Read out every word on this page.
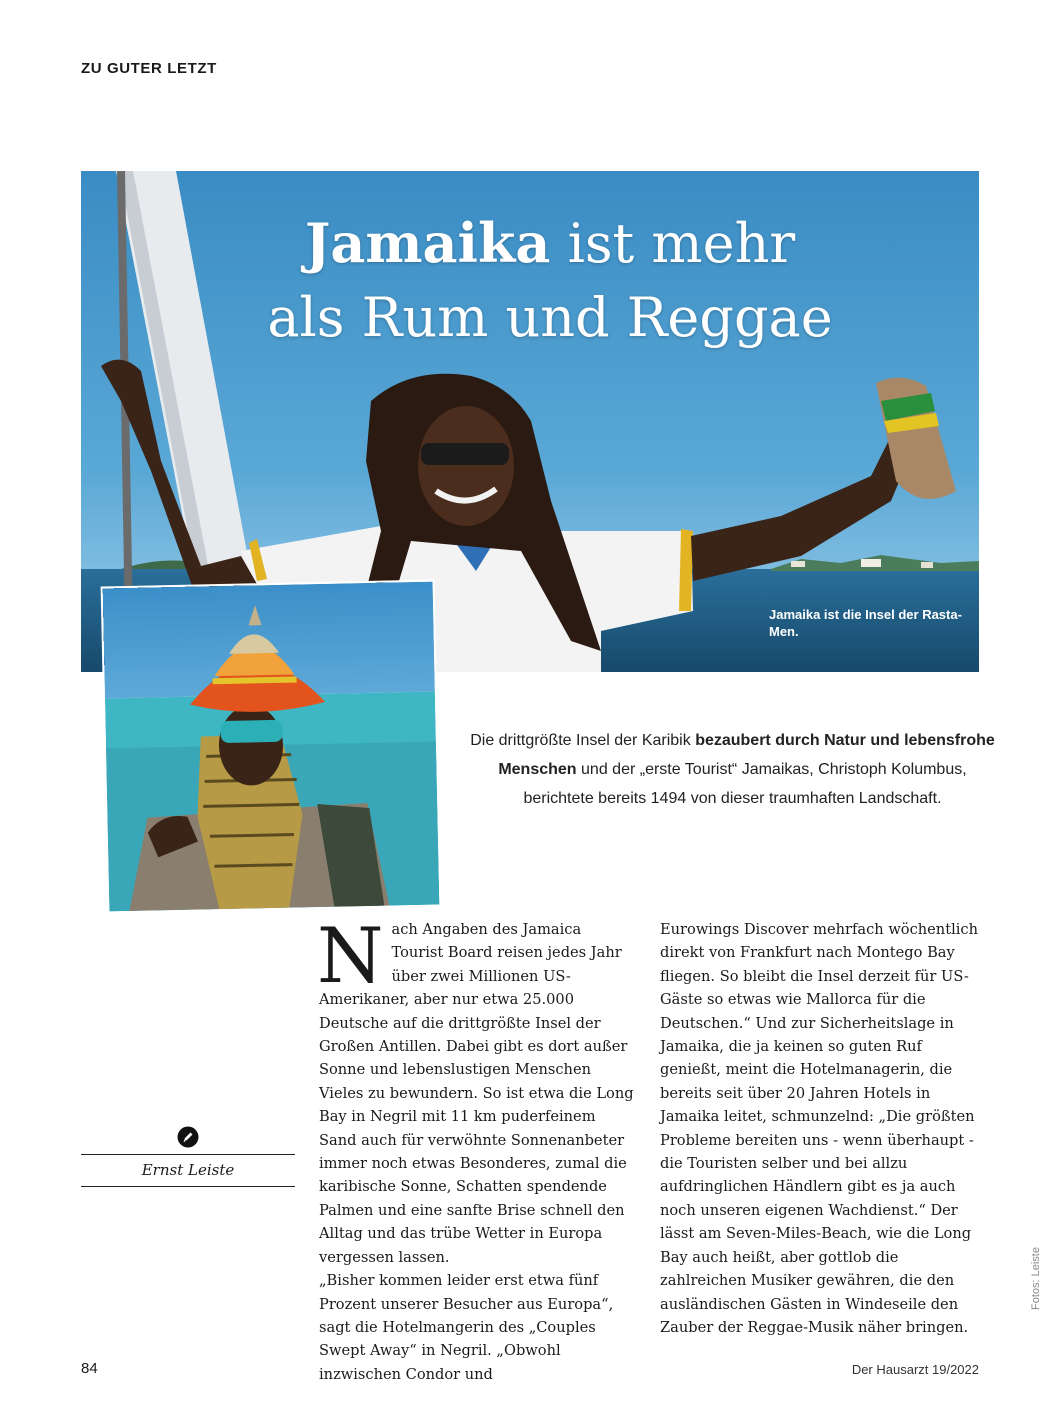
ZU GUTER LETZT
Jamaika ist mehr
als Rum und Reggae
Jamaika ist die Insel der Rasta-Men.
Die drittgrößte Insel der Karibik bezaubert durch Natur und lebensfrohe Menschen und der „erste Tourist“ Jamaikas, Christoph Kolumbus, berichtete bereits 1494 von dieser traumhaften Landschaft.
Ernst Leiste
N ach Angaben des Jamaica Tourist Board reisen jedes Jahr über zwei Millionen US-Amerikaner, aber nur etwa 25.000 Deutsche auf die drittgrößte Insel der Großen Antillen. Dabei gibt es dort außer Sonne und lebenslustigen Menschen Vieles zu bewundern. So ist etwa die Long Bay in Negril mit 11 km puderfeinem Sand auch für verwöhnte Sonnenanbeter immer noch etwas Besonderes, zumal die karibische Sonne, Schatten spendende Palmen und eine sanfte Brise schnell den Alltag und das trübe Wetter in Europa vergessen lassen.

„Bisher kommen leider erst etwa fünf Prozent unserer Besucher aus Europa“, sagt die Hotelmangerin des „Couples Swept Away“ in Negril. „Obwohl inzwischen Condor und

Eurowings Discover mehrfach wöchentlich direkt von Frankfurt nach Montego Bay fliegen. So bleibt die Insel derzeit für US-Gäste so etwas wie Mallorca für die Deutschen.“ Und zur Sicherheitslage in Jamaika, die ja keinen so guten Ruf genießt, meint die Hotelmanagerin, die bereits seit über 20 Jahren Hotels in Jamaika leitet, schmunzelnd: „Die größten Probleme bereiten uns - wenn überhaupt - die Touristen selber und bei allzu aufdringlichen Händlern gibt es ja auch noch unseren eigenen Wachdienst.“ Der lässt am Seven-Miles-Beach, wie die Long Bay auch heißt, aber gottlob die zahlreichen Musiker gewähren, die den ausländischen Gästen in Windeseile den Zauber der Reggae-Musik näher bringen.

Fotos: Leiste
84	Der Hausarzt 19/2022
